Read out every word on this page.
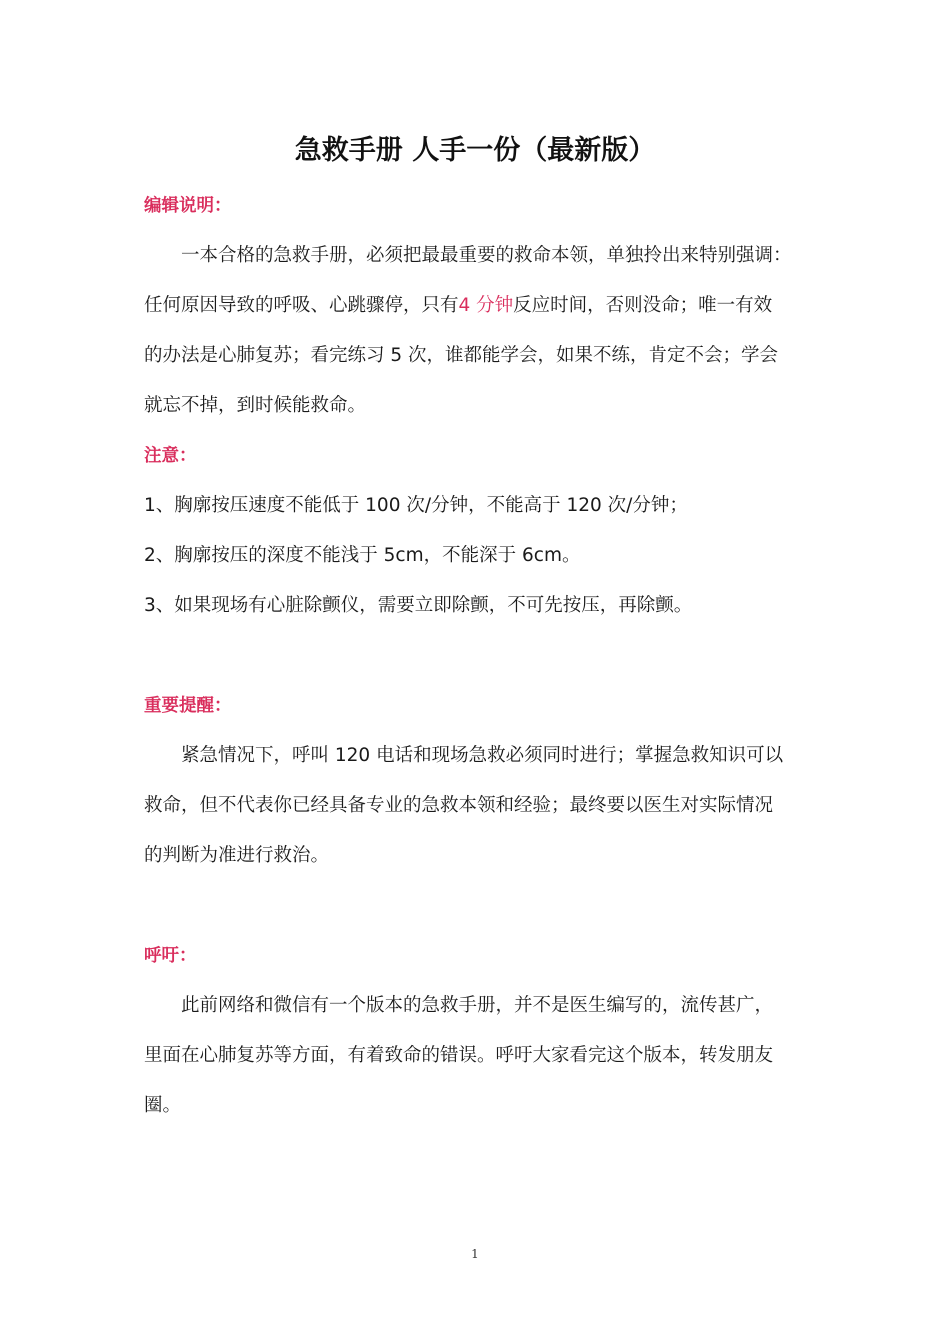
急救手册 人手一份（最新版）

编辑说明：

一本合格的急救手册，必须把最最重要的救命本领，单独拎出来特别强调：

任何原因导致的呼吸、心跳骤停，只有4 分钟反应时间，否则没命；唯一有效

的办法是心肺复苏；看完练习 5 次，谁都能学会，如果不练，肯定不会；学会

就忘不掉，到时候能救命。

注意：

1、胸廓按压速度不能低于 100 次/分钟，不能高于 120 次/分钟；

2、胸廓按压的深度不能浅于 5cm，不能深于 6cm。

3、如果现场有心脏除颤仪，需要立即除颤，不可先按压，再除颤。

重要提醒：

紧急情况下，呼叫 120 电话和现场急救必须同时进行；掌握急救知识可以

救命，但不代表你已经具备专业的急救本领和经验；最终要以医生对实际情况

的判断为准进行救治。

呼吁：

此前网络和微信有一个版本的急救手册，并不是医生编写的，流传甚广，

里面在心肺复苏等方面，有着致命的错误。呼吁大家看完这个版本，转发朋友

圈。

1
